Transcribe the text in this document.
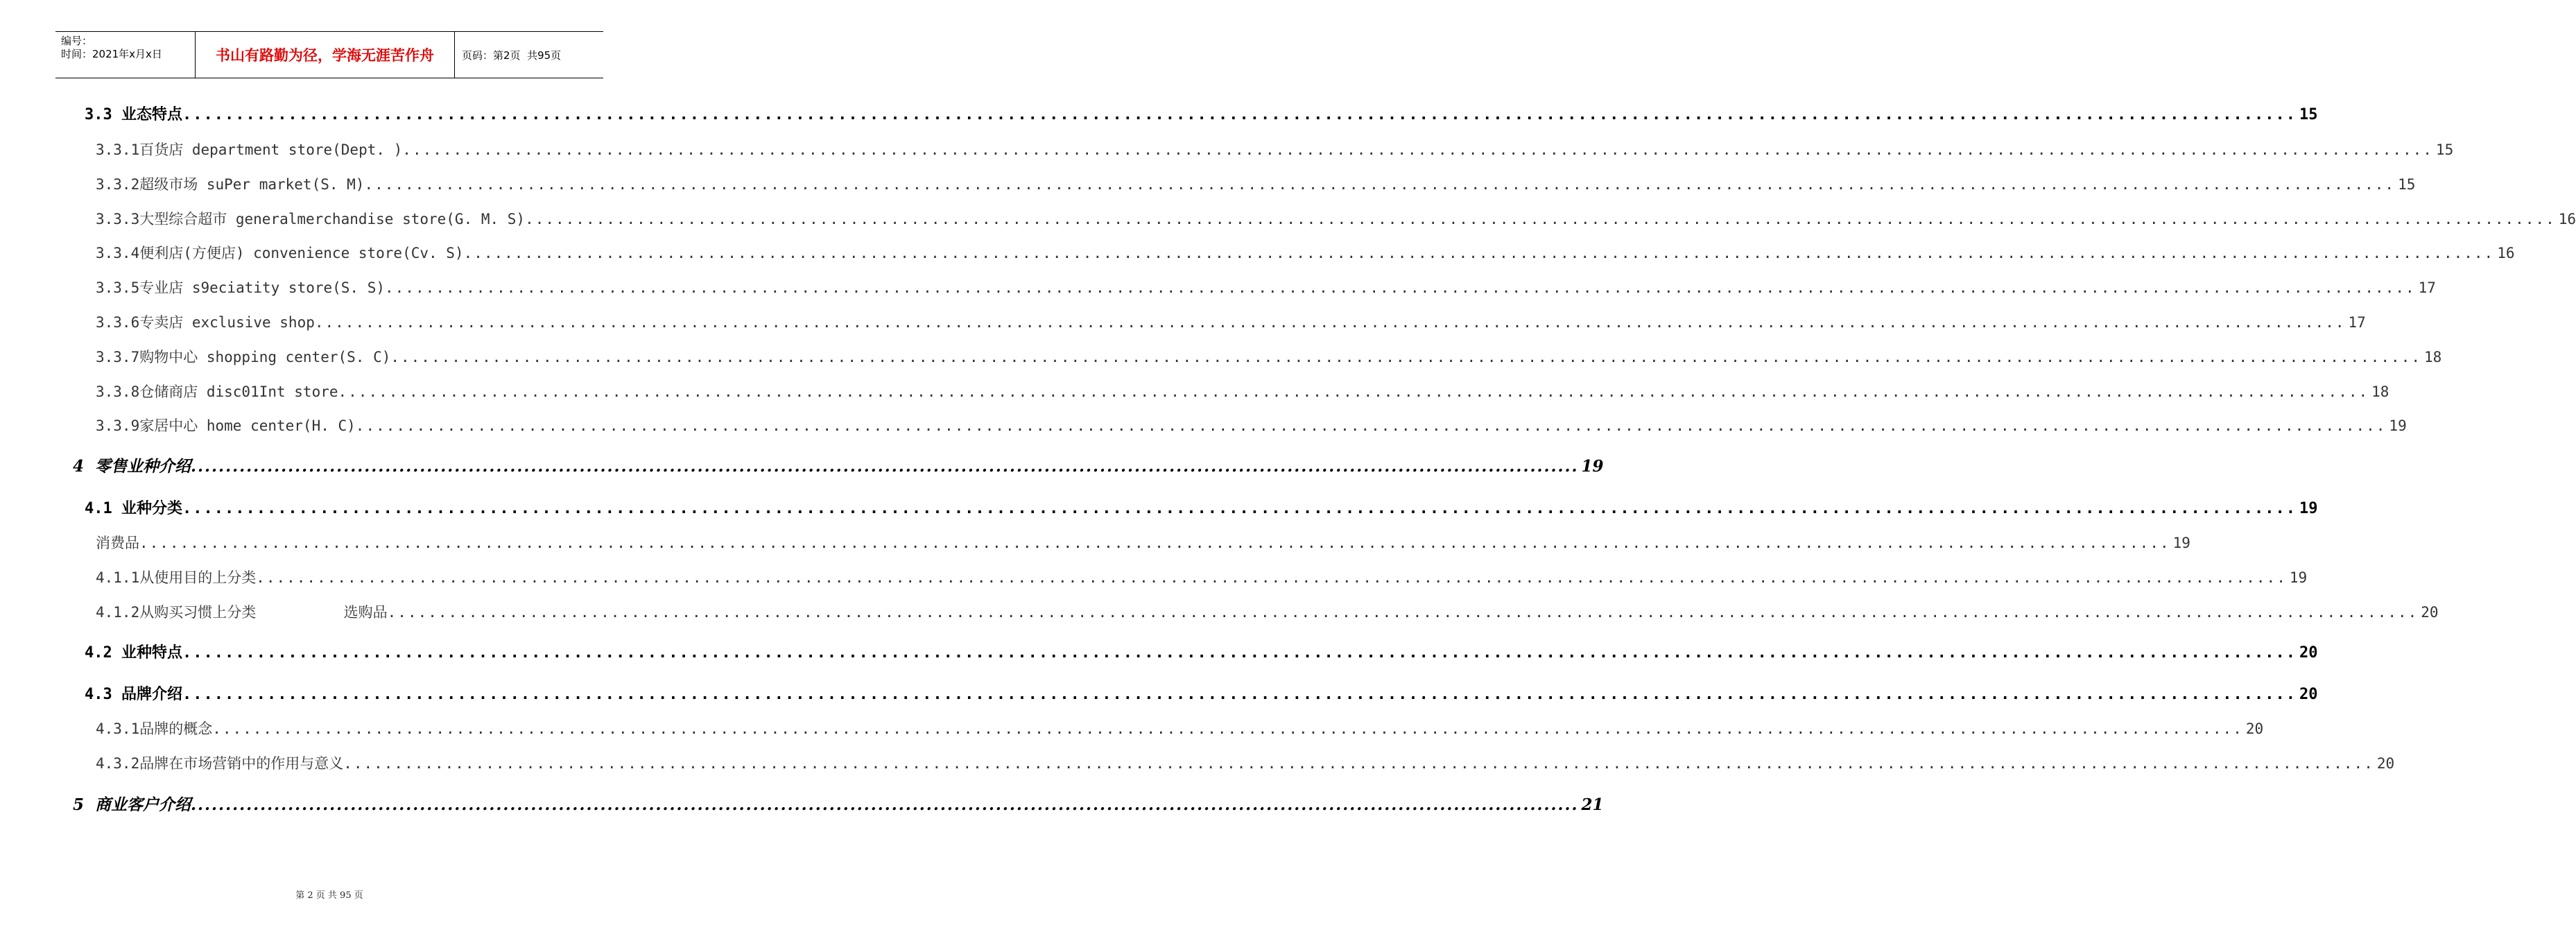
编号：
时间：2021年x月x日	书山有路勤为径，学海无涯苦作舟	页码：第2页  共95页
3.3 业态特点 ........................................................................................................................................................................................................ 15
3.3.1百货店 department store(Dept. ) ........................................................................................................................................................................................................ 15
3.3.2超级市场 suPer market(S. M) ........................................................................................................................................................................................................ 15
3.3.3大型综合超市 generalmerchandise store(G. M. S) ........................................................................................................................................................................................................ 16
3.3.4便利店(方便店) convenience store(Cv. S) ........................................................................................................................................................................................................ 16
3.3.5专业店 s9eciatity store(S. S) ........................................................................................................................................................................................................ 17
3.3.6专卖店 exclusive shop ........................................................................................................................................................................................................ 17
3.3.7购物中心 shopping center(S. C) ........................................................................................................................................................................................................ 18
3.3.8仓储商店 disc01Int store ........................................................................................................................................................................................................ 18
3.3.9家居中心 home center(H. C) ........................................................................................................................................................................................................ 19
4  零售业种介绍 ........................................................................................................................................................................................................ 19
4.1 业种分类 ........................................................................................................................................................................................................ 19
消费品 ........................................................................................................................................................................................................ 19
4.1.1从使用目的上分类 ........................................................................................................................................................................................................ 19
4.1.2从购买习惯上分类          选购品 ........................................................................................................................................................................................................ 20
4.2 业种特点 ........................................................................................................................................................................................................ 20
4.3 品牌介绍 ........................................................................................................................................................................................................ 20
4.3.1品牌的概念 ........................................................................................................................................................................................................ 20
4.3.2品牌在市场营销中的作用与意义 ........................................................................................................................................................................................................ 20
5  商业客户介绍 ........................................................................................................................................................................................................ 21
第 2 页 共 95 页
